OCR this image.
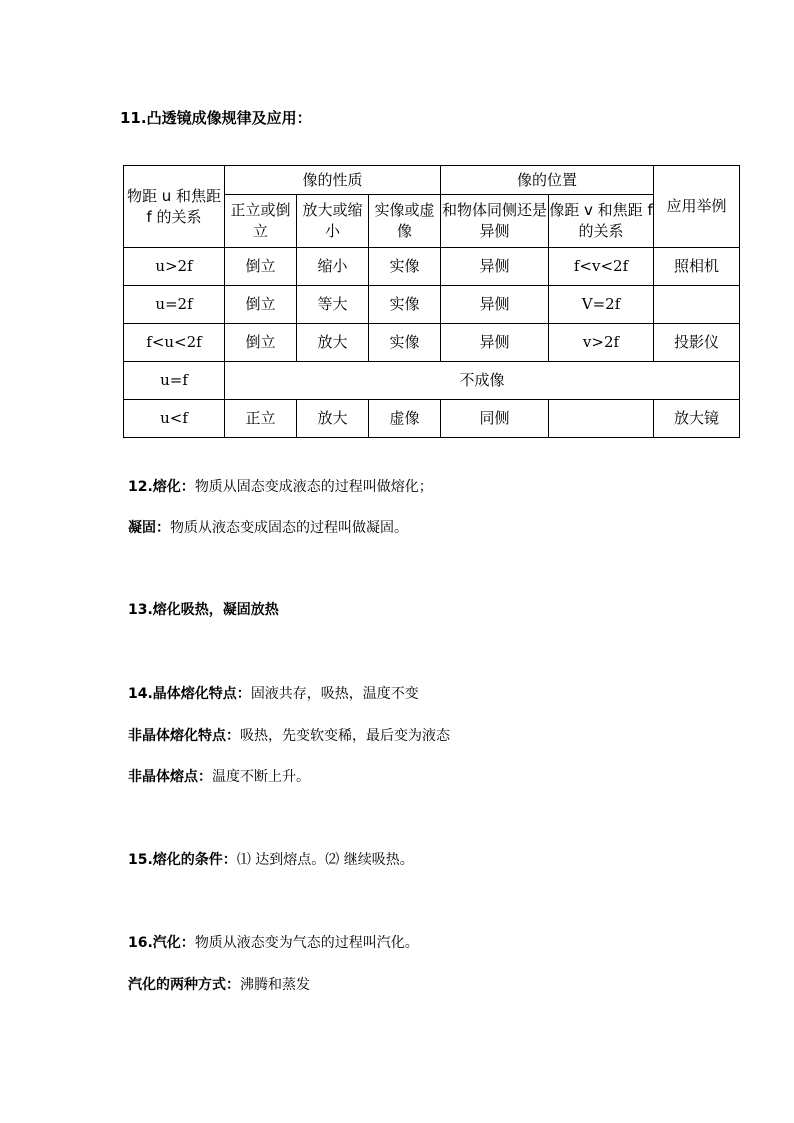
11.凸透镜成像规律及应用：
物距 u 和焦距 f 的关系	像的性质			像的位置		应用举例
	正立或倒立	放大或缩小	实像或虚像	和物体同侧还是异侧	像距 v 和焦距 f 的关系	
u>2f	倒立	缩小	实像	异侧	f<v<2f	照相机
u=2f	倒立	等大	实像	异侧	V=2f	
f<u<2f	倒立	放大	实像	异侧	v>2f	投影仪
u=f	不成像					
u<f	正立	放大	虚像	同侧		放大镜
12.熔化：物质从固态变成液态的过程叫做熔化；
凝固：物质从液态变成固态的过程叫做凝固。
13.熔化吸热，凝固放热
14.晶体熔化特点：固液共存，吸热，温度不变
非晶体熔化特点：吸热，先变软变稀，最后变为液态
非晶体熔点：温度不断上升。
15.熔化的条件：⑴ 达到熔点。⑵ 继续吸热。
16.汽化：物质从液态变为气态的过程叫汽化。
汽化的两种方式：沸腾和蒸发
